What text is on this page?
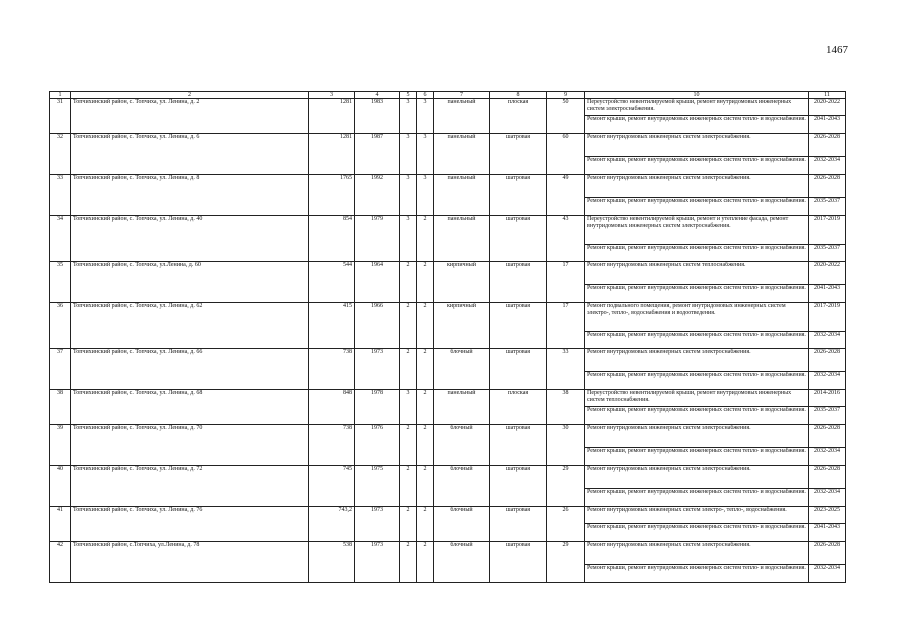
1467
1	2	3	4	5	6	7	8	9	10	11
31	Топчихинский район, с. Топчиха, ул. Ленина, д. 2	1281	1983	3	3	панельный	плоская	50	Переустройство невентилируемой крыши, ремонт внутридомовых инженерных систем электроснабжения.	2020-2022
									Ремонт крыши, ремонт внутридомовых инженерных систем тепло- и водоснабжения.	2041-2043
32	Топчихинский район, с. Топчиха, ул. Ленина, д. 6	1281	1987	3	3	панельный	шатровая	60	Ремонт внутридомовых инженерных систем электроснабжения.	2026-2028
									Ремонт крыши, ремонт внутридомовых инженерных систем тепло- и водоснабжения.	2032-2034
33	Топчихинский район, с. Топчиха, ул. Ленина, д. 8	1765	1992	3	3	панельный	шатровая	49	Ремонт внутридомовых инженерных систем электроснабжения.	2026-2028
									Ремонт крыши, ремонт внутридомовых инженерных систем тепло- и водоснабжения.	2035-2037
34	Топчихинский район, с. Топчиха, ул. Ленина, д. 40	854	1979	3	2	панельный	шатровая	43	Переустройство невентилируемой крыши, ремонт и утепление фасада, ремонт внутридомовых инженерных систем электроснабжения.	2017-2019
									Ремонт крыши, ремонт внутридомовых инженерных систем тепло- и водоснабжения.	2035-2037
35	Топчихинский район, с. Топчиха, ул.Ленина, д. 60	544	1964	2	2	кирпичный	шатровая	17	Ремонт внутридомовых инженерных систем теплоснабжения.	2020-2022
									Ремонт крыши, ремонт внутридомовых инженерных систем тепло- и водоснабжения.	2041-2043
36	Топчихинский район, с. Топчиха, ул. Ленина, д. 62	415	1966	2	2	кирпичный	шатровая	17	Ремонт подвального помещения, ремонт внутридомовых инженерных систем электро-, тепло-, водоснабжения и водоотведения.	2017-2019
									Ремонт крыши, ремонт внутридомовых инженерных систем тепло- и водоснабжения.	2032-2034
37	Топчихинский район, с. Топчиха, ул. Ленина, д. 66	738	1973	2	2	блочный	шатровая	33	Ремонт внутридомовых инженерных систем электроснабжения.	2026-2028
									Ремонт крыши, ремонт внутридомовых инженерных систем тепло- и водоснабжения.	2032-2034
38	Топчихинский район, с. Топчиха, ул. Ленина, д. 68	848	1978	3	2	панельный	плоская	38	Переустройство невентилируемой крыши, ремонт внутридомовых инженерных систем теплоснабжения.	2014-2016
									Ремонт крыши, ремонт внутридомовых инженерных систем тепло- и водоснабжения.	2035-2037
39	Топчихинский район, с. Топчиха, ул. Ленина, д. 70	738	1976	2	2	блочный	шатровая	30	Ремонт внутридомовых инженерных систем электроснабжения.	2026-2028
									Ремонт крыши, ремонт внутридомовых инженерных систем тепло- и водоснабжения.	2032-2034
40	Топчихинский район, с. Топчиха, ул. Ленина, д. 72	745	1975	2	2	блочный	шатровая	29	Ремонт внутридомовых инженерных систем электроснабжения.	2026-2028
									Ремонт крыши, ремонт внутридомовых инженерных систем тепло- и водоснабжения.	2032-2034
41	Топчихинский район, с. Топчиха, ул. Ленина, д. 76	743,2	1973	2	2	блочный	шатровая	26	Ремонт внутридомовых инженерных систем электро-, тепло-, водоснабжения.	2023-2025
									Ремонт крыши, ремонт внутридомовых инженерных систем тепло- и водоснабжения.	2041-2043
42	Топчихинский район, с.Топчиха, ул.Ленина, д. 78	538	1973	2	2	блочный	шатровая	29	Ремонт внутридомовых инженерных систем электроснабжения.	2026-2028
									Ремонт крыши, ремонт внутридомовых инженерных систем тепло- и водоснабжения.	2032-2034
